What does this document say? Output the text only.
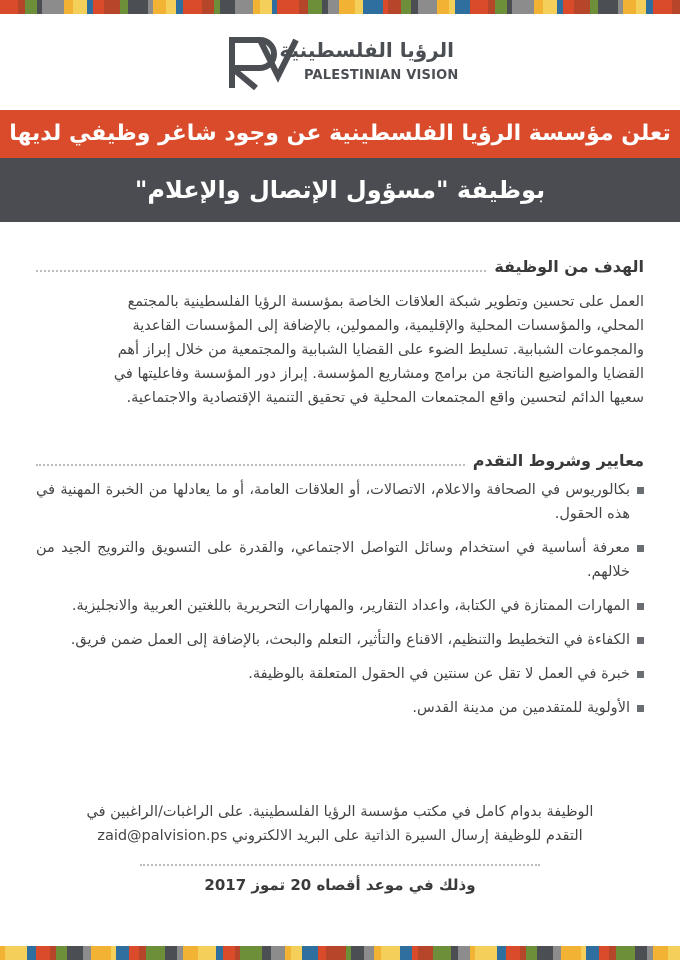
الرؤيا الفلسطينية
PALESTINIAN VISION
تعلن مؤسسة الرؤيا الفلسطينية عن وجود شاغر وظيفي لديها
بوظيفة "مسؤول الإتصال والإعلام"
الهدف من الوظيفة

العمل على تحسين وتطوير شبكة العلاقات الخاصة بمؤسسة الرؤيا الفلسطينية بالمجتمع

المحلي، والمؤسسات المحلية والإقليمية، والممولين، بالإضافة إلى المؤسسات القاعدية

والمجموعات الشبابية. تسليط الضوء على القضايا الشبابية والمجتمعية من خلال إبراز أهم

القضايا والمواضيع الناتجة من برامج ومشاريع المؤسسة. إبراز دور المؤسسة وفاعليتها في

سعيها الدائم لتحسين واقع المجتمعات المحلية في تحقيق التنمية الإقتصادية والاجتماعية.

معايير وشروط التقدم
بكالوريوس في الصحافة والاعلام، الاتصالات، أو العلاقات العامة، أو ما يعادلها من الخبرة المهنية في هذه الحقول.
معرفة أساسية في استخدام وسائل التواصل الاجتماعي، والقدرة على التسويق والترويج الجيد من خلالهم.
المهارات الممتازة في الكتابة، واعداد التقارير، والمهارات التحريرية باللغتين العربية والانجليزية.
الكفاءة في التخطيط والتنظيم، الاقناع والتأثير، التعلم والبحث، بالإضافة إلى العمل ضمن فريق.
خبرة في العمل لا تقل عن سنتين في الحقول المتعلقة بالوظيفة.
الأولوية للمتقدمين من مدينة القدس.
الوظيفة بدوام كامل في مكتب مؤسسة الرؤيا الفلسطينية. على الراغبات/الراغبين في
التقدم للوظيفة إرسال السيرة الذاتية على البريد الالكتروني zaid@palvision.ps
وذلك في موعد أقصاه 20 تموز 2017
